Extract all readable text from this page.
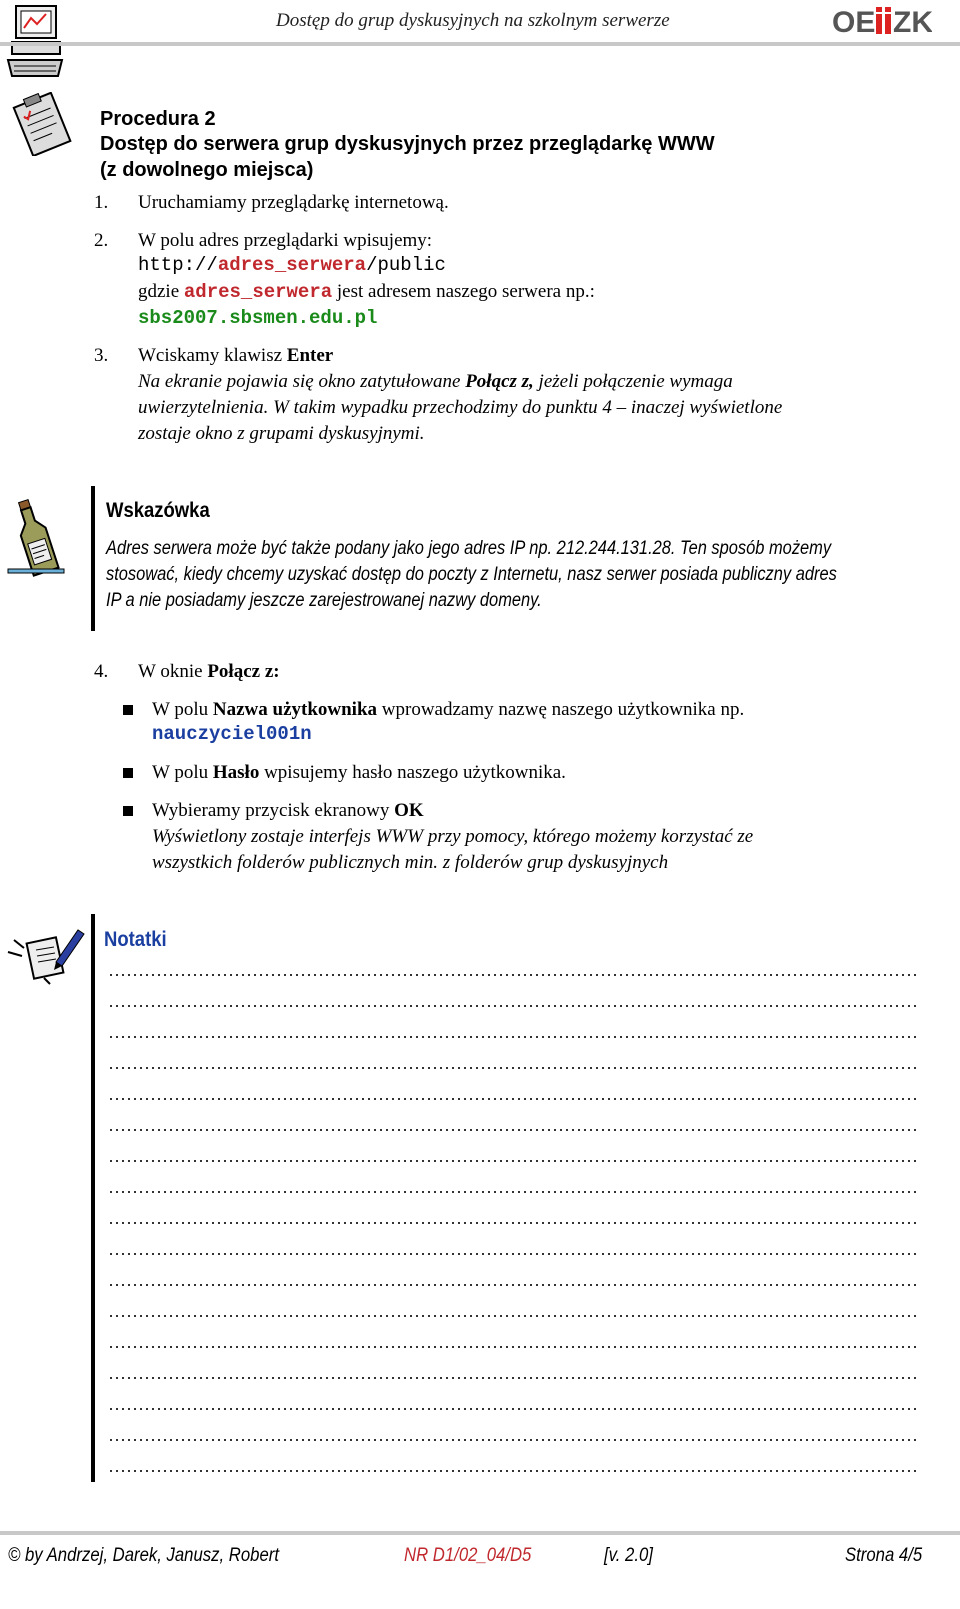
Dostęp do grup dyskusyjnych na szkolnym serwerze	OE ZK
Procedura 2
Dostęp do serwera grup dyskusyjnych przez przeglądarkę WWW
(z dowolnego miejsca)
1. Uruchamiamy przeglądarkę internetową.
2. W polu adres przeglądarki wpisujemy:
http://adres_serwera/public
gdzie adres_serwera jest adresem naszego serwera np.:
sbs2007.sbsmen.edu.pl
3. Wciskamy klawisz Enter
Na ekranie pojawia się okno zatytułowane Połącz z, jeżeli połączenie wymaga
uwierzytelnienia. W takim wypadku przechodzimy do punktu 4 – inaczej wyświetlone
zostaje okno z grupami dyskusyjnymi.
Wskazówka
Adres serwera może być także podany jako jego adres IP np. 212.244.131.28. Ten sposób możemy
stosować, kiedy chcemy uzyskać dostęp do poczty z Internetu, nasz serwer posiada publiczny adres
IP a nie posiadamy jeszcze zarejestrowanej nazwy domeny.
4. W oknie Połącz z:
W polu Nazwa użytkownika wprowadzamy nazwę naszego użytkownika np.
nauczyciel001n
W polu Hasło wpisujemy hasło naszego użytkownika.
Wybieramy przycisk ekranowy OK
Wyświetlony zostaje interfejs WWW przy pomocy, którego możemy korzystać ze
wszystkich folderów publicznych min. z folderów grup dyskusyjnych
Notatki
© by Andrzej, Darek, Janusz, Robert	NR D1/02_04/D5	[v. 2.0]	Strona 4/5
